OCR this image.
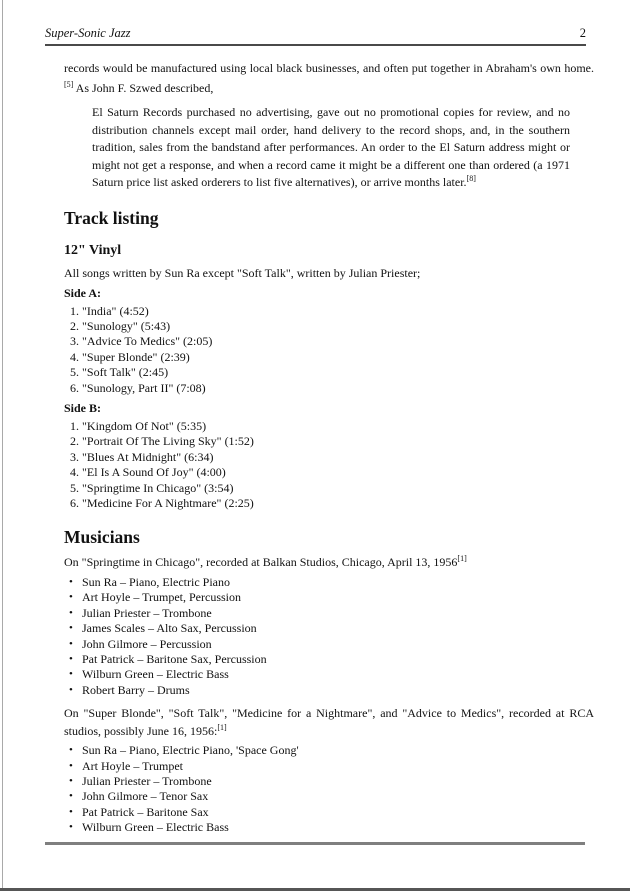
Super-Sonic Jazz	2

records would be manufactured using local black businesses, and often put together in Abraham's own home.[5] As John F. Szwed described,

El Saturn Records purchased no advertising, gave out no promotional copies for review, and no distribution channels except mail order, hand delivery to the record shops, and, in the southern tradition, sales from the bandstand after performances. An order to the El Saturn address might or might not get a response, and when a record came it might be a different one than ordered (a 1971 Saturn price list asked orderers to list five alternatives), or arrive months later.[8]
Track listing
12" Vinyl

All songs written by Sun Ra except "Soft Talk", written by Julian Priester;

Side A:

1. "India" (4:52)
2. "Sunology" (5:43)
3. "Advice To Medics" (2:05)
4. "Super Blonde" (2:39)
5. "Soft Talk" (2:45)
6. "Sunology, Part II" (7:08)

Side B:

1. "Kingdom Of Not" (5:35)
2. "Portrait Of The Living Sky" (1:52)
3. "Blues At Midnight" (6:34)
4. "El Is A Sound Of Joy" (4:00)
5. "Springtime In Chicago" (3:54)
6. "Medicine For A Nightmare" (2:25)
Musicians

On "Springtime in Chicago", recorded at Balkan Studios, Chicago, April 13, 1956[1]

• Sun Ra – Piano, Electric Piano
• Art Hoyle – Trumpet, Percussion
• Julian Priester – Trombone
• James Scales – Alto Sax, Percussion
• John Gilmore – Percussion
• Pat Patrick – Baritone Sax, Percussion
• Wilburn Green – Electric Bass
• Robert Barry – Drums

On "Super Blonde", "Soft Talk", "Medicine for a Nightmare", and "Advice to Medics", recorded at RCA studios, possibly June 16, 1956:[1]

• Sun Ra – Piano, Electric Piano, 'Space Gong'
• Art Hoyle – Trumpet
• Julian Priester – Trombone
• John Gilmore – Tenor Sax
• Pat Patrick – Baritone Sax
• Wilburn Green – Electric Bass
